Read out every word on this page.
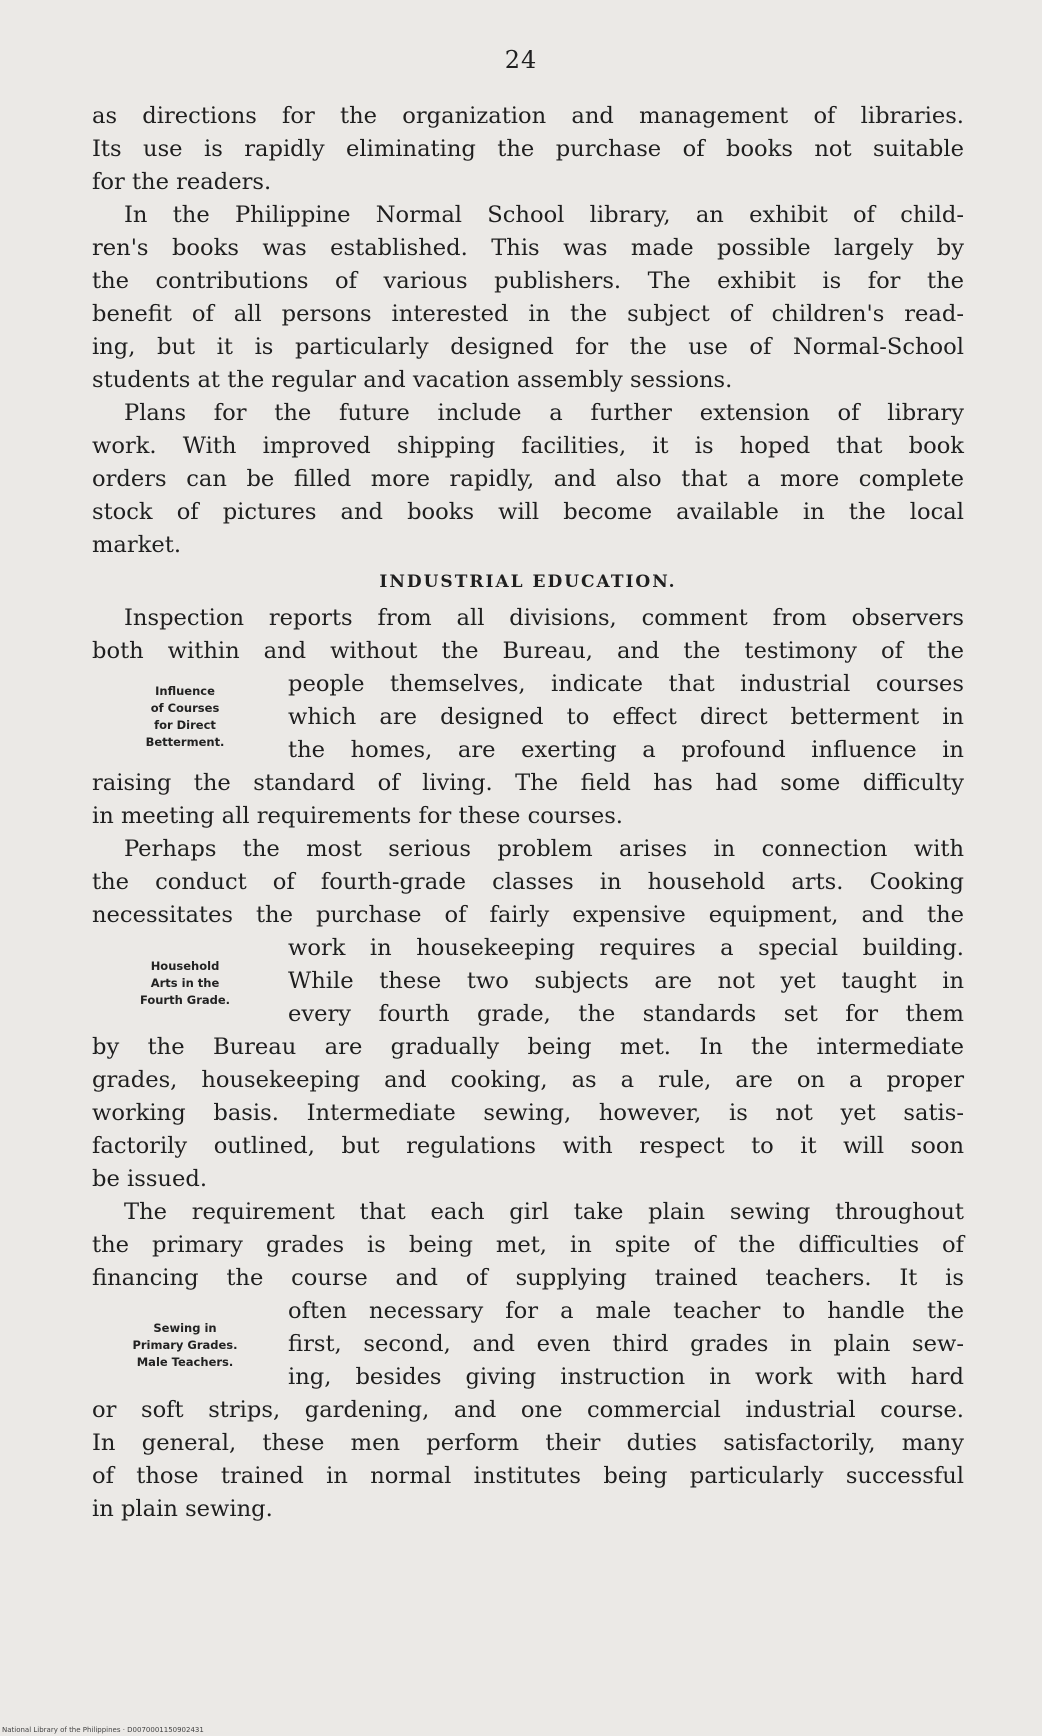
24
as directions for the organization and management of libraries.
Its use is rapidly eliminating the purchase of books not suitable
for the readers.
In the Philippine Normal School library, an exhibit of child-
ren's books was established. This was made possible largely by
the contributions of various publishers. The exhibit is for the
benefit of all persons interested in the subject of children's read-
ing, but it is particularly designed for the use of Normal-School
students at the regular and vacation assembly sessions.
Plans for the future include a further extension of library
work. With improved shipping facilities, it is hoped that book
orders can be filled more rapidly, and also that a more complete
stock of pictures and books will become available in the local
market.
INDUSTRIAL EDUCATION.
Inspection reports from all divisions, comment from observers
both within and without the Bureau, and the testimony of the
people themselves, indicate that industrial courses
which are designed to effect direct betterment in
the homes, are exerting a profound influence in
raising the standard of living. The field has had some difficulty
in meeting all requirements for these courses.
Perhaps the most serious problem arises in connection with
the conduct of fourth-grade classes in household arts. Cooking
necessitates the purchase of fairly expensive equipment, and the
work in housekeeping requires a special building.
While these two subjects are not yet taught in
every fourth grade, the standards set for them
by the Bureau are gradually being met. In the intermediate
grades, housekeeping and cooking, as a rule, are on a proper
working basis. Intermediate sewing, however, is not yet satis-
factorily outlined, but regulations with respect to it will soon
be issued.
The requirement that each girl take plain sewing throughout
the primary grades is being met, in spite of the difficulties of
financing the course and of supplying trained teachers. It is
often necessary for a male teacher to handle the
first, second, and even third grades in plain sew-
ing, besides giving instruction in work with hard
or soft strips, gardening, and one commercial industrial course.
In general, these men perform their duties satisfactorily, many
of those trained in normal institutes being particularly successful
in plain sewing.
Influence
of Courses
for Direct
Betterment.
Household
Arts in the
Fourth Grade.
Sewing in
Primary Grades.
Male Teachers.
National Library of the Philippines · D0070001150902431
